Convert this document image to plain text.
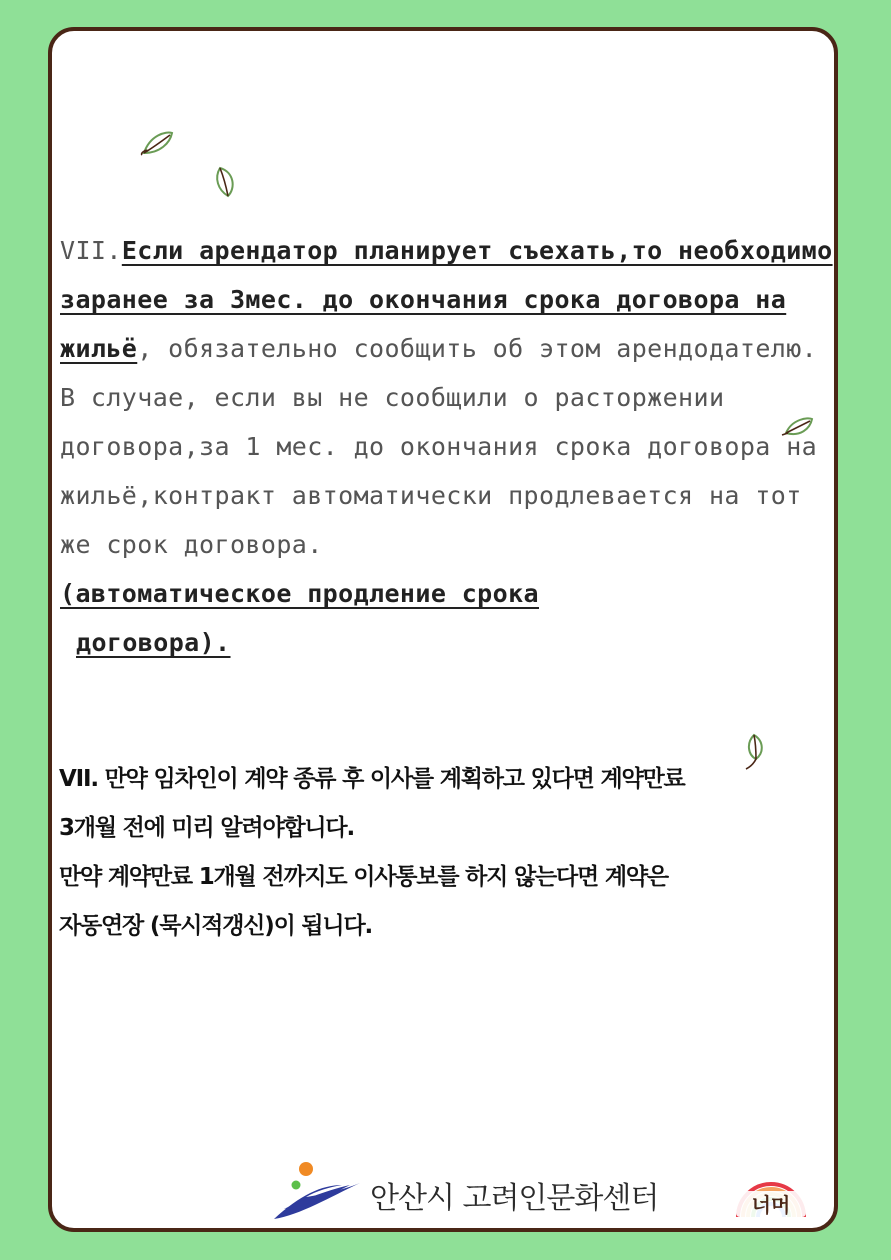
VII.Если арендатор планирует съехать,то необходимо заранее за 3мес. до окончания срока договора на жильё, обязательно сообщить об этом арендодателю. В случае, если вы не сообщили о расторжении договора,за 1 мес. до окончания срока договора на жильё,контракт автоматически продлевается на тот же срок договора.
(автоматическое продление срока
договора).

VII. 만약 임차인이 계약 종류 후 이사를 계획하고 있다면 계약만료
3개월 전에 미리 알려야합니다.
만약 계약만료 1개월 전까지도 이사통보를 하지 않는다면 계약은
자동연장 (묵시적갱신)이 됩니다.

안산시 고려인문화센터	너머
